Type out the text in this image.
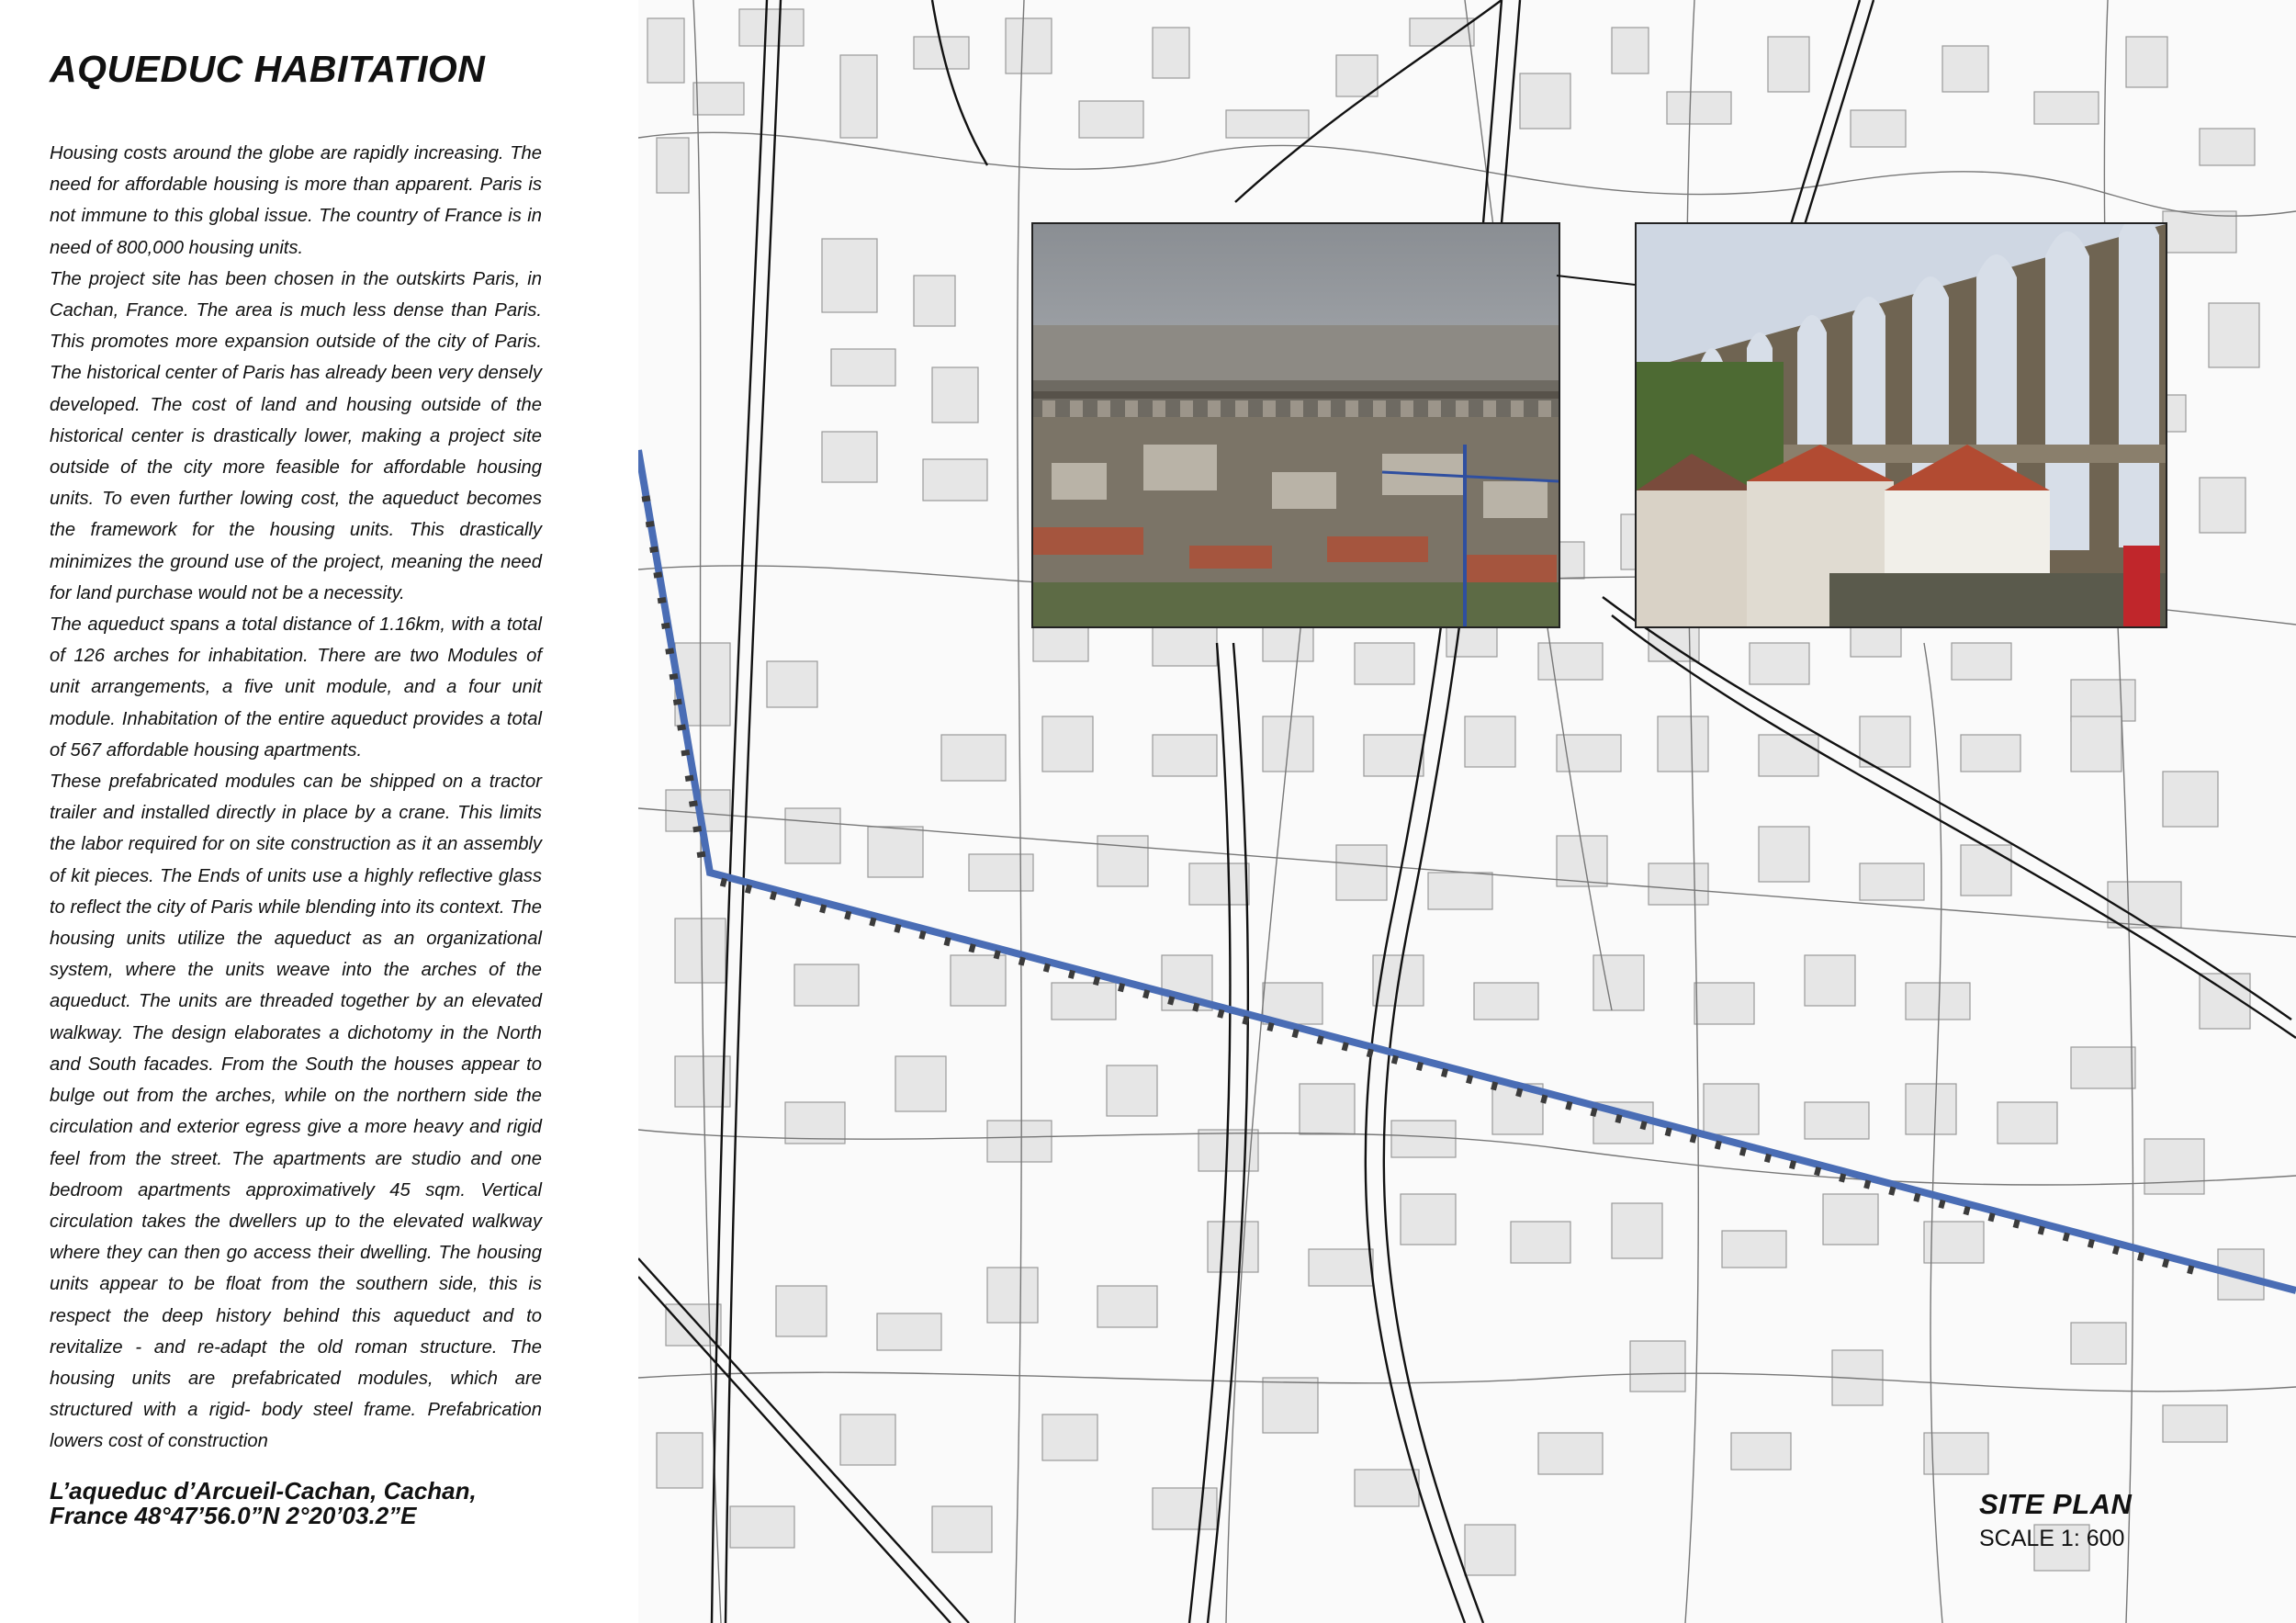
AQUEDUC HABITATION

Housing costs around the globe are rapidly increasing. The need for affordable housing is more than apparent. Paris is not immune to this global issue. The country of France is in need of 800,000 housing units.

The project site has been chosen in the outskirts Paris, in Cachan, France. The area is much less dense than Paris. This promotes more expansion outside of the city of Paris. The historical center of Paris has already been very densely developed. The cost of land and housing outside of the historical center is drastically lower, making a project site outside of the city more feasible for affordable housing units. To even further lowing cost, the aqueduct becomes the framework for the housing units. This drastically minimizes the ground use of the project, meaning the need for land purchase would not be a necessity.

The aqueduct spans a total distance of 1.16km, with a total of 126 arches for inhabitation. There are two Modules of unit arrangements, a five unit module, and a four unit module. Inhabitation of the entire aqueduct provides a total of 567 affordable housing apartments.

These prefabricated modules can be shipped on a tractor trailer and installed directly in place by a crane. This limits the labor required for on site construction as it an assembly of kit pieces. The Ends of units use a highly reflective glass to reflect the city of Paris while blending into its context. The housing units utilize the aqueduct as an organizational system, where the units weave into the arches of the aqueduct. The units are threaded together by an elevated walkway. The design elaborates a dichotomy in the North and South facades. From the South the houses appear to bulge out from the arches, while on the northern side the circulation and exterior egress give a more heavy and rigid feel from the street. The apartments are studio and one bedroom apartments approximatively 45 sqm. Vertical circulation takes the dwellers up to the elevated walkway where they can then go access their dwelling. The housing units appear to be float from the southern side, this is respect the deep history behind this aqueduct and to revitalize - and re-adapt the old roman structure. The housing units are prefabricated modules, which are structured with a rigid- body steel frame. Prefabrication lowers cost of construction

L’aqueduc d’Arcueil-Cachan, Cachan,
France 48°47’56.0”N 2°20’03.2”E	SITE PLAN
SCALE 1: 600
